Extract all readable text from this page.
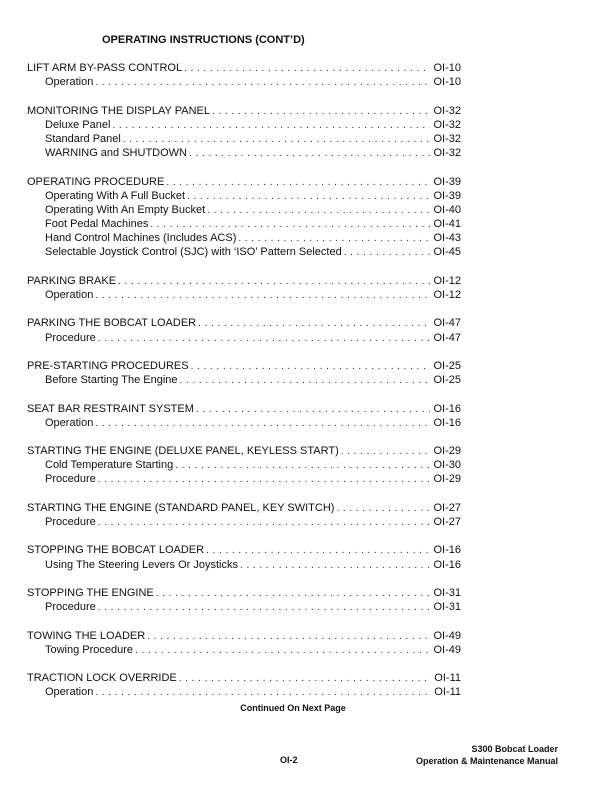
OPERATING INSTRUCTIONS (CONT’D)
LIFT ARM BY-PASS CONTROL . . .	OI-10
Operation . . .	OI-10
MONITORING THE DISPLAY PANEL . . .	OI-32
Deluxe Panel . . .	OI-32
Standard Panel . . .	OI-32
WARNING and SHUTDOWN . . .	OI-32
OPERATING PROCEDURE . . .	OI-39
Operating With A Full Bucket . . .	OI-39
Operating With An Empty Bucket . . .	OI-40
Foot Pedal Machines . . .	OI-41
Hand Control Machines (Includes ACS) . . .	OI-43
Selectable Joystick Control (SJC) with ‘ISO’ Pattern Selected . . .	OI-45
PARKING BRAKE . . .	OI-12
Operation . . .	OI-12
PARKING THE BOBCAT LOADER . . .	OI-47
Procedure . . .	OI-47
PRE-STARTING PROCEDURES . . .	OI-25
Before Starting The Engine . . .	OI-25
SEAT BAR RESTRAINT SYSTEM . . .	OI-16
Operation . . .	OI-16
STARTING THE ENGINE (DELUXE PANEL, KEYLESS START) . . .	OI-29
Cold Temperature Starting . . .	OI-30
Procedure . . .	OI-29
STARTING THE ENGINE (STANDARD PANEL, KEY SWITCH) . . .	OI-27
Procedure . . .	OI-27
STOPPING THE BOBCAT LOADER . . .	OI-16
Using The Steering Levers Or Joysticks . . .	OI-16
STOPPING THE ENGINE . . .	OI-31
Procedure . . .	OI-31
TOWING THE LOADER . . .	OI-49
Towing Procedure . . .	OI-49
TRACTION LOCK OVERRIDE . . .	OI-11
Operation . . .	OI-11
Continued On Next Page
OI-2
S300 Bobcat Loader
Operation & Maintenance Manual
